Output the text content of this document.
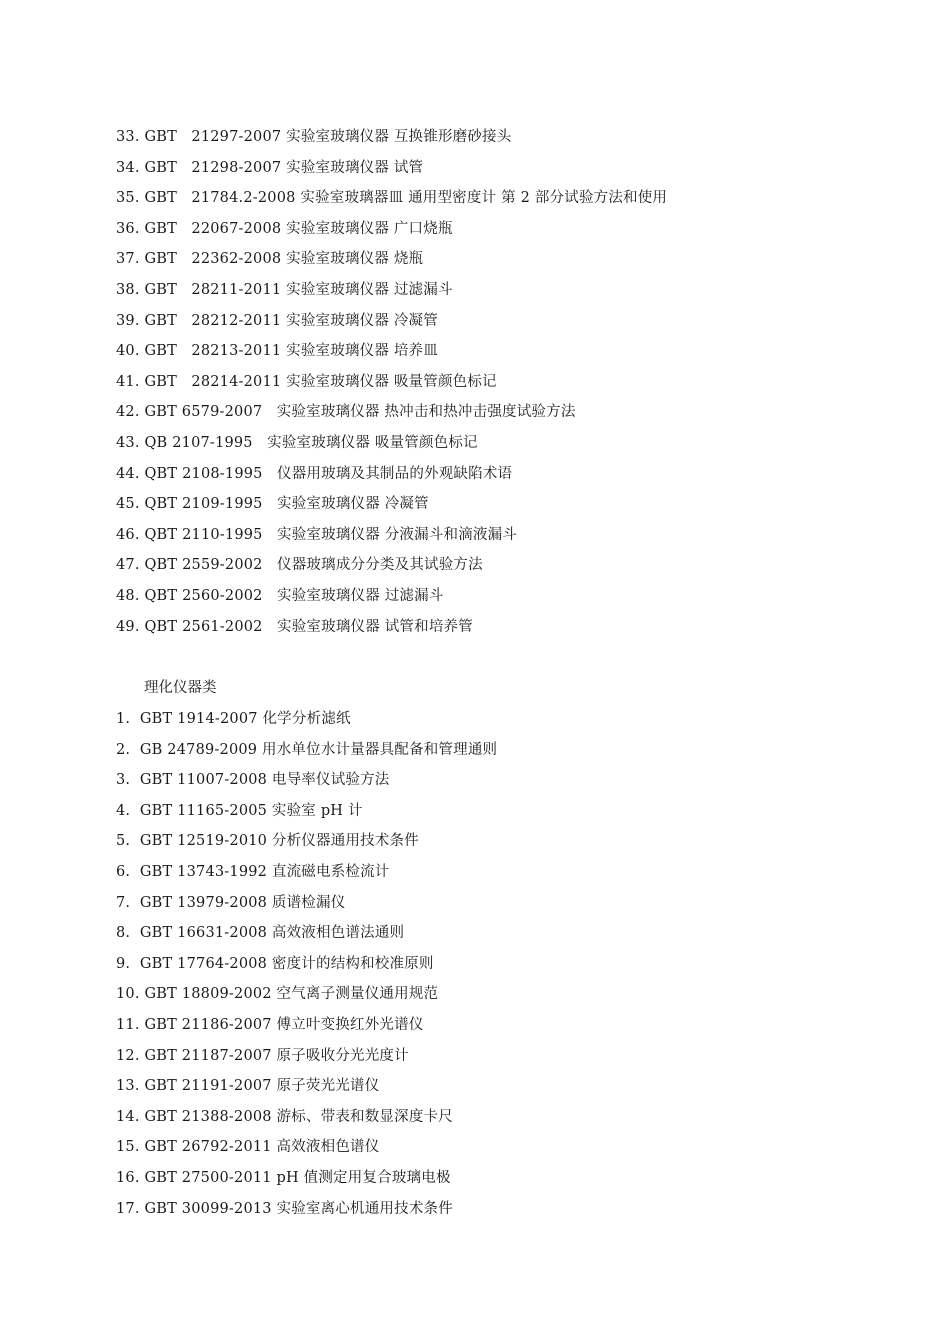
33. GBT   21297-2007 实验室玻璃仪器 互换锥形磨砂接头
34. GBT   21298-2007 实验室玻璃仪器 试管
35. GBT   21784.2-2008 实验室玻璃器皿 通用型密度计 第 2 部分试验方法和使用
36. GBT   22067-2008 实验室玻璃仪器 广口烧瓶
37. GBT   22362-2008 实验室玻璃仪器 烧瓶
38. GBT   28211-2011 实验室玻璃仪器 过滤漏斗
39. GBT   28212-2011 实验室玻璃仪器 冷凝管
40. GBT   28213-2011 实验室玻璃仪器 培养皿
41. GBT   28214-2011 实验室玻璃仪器 吸量管颜色标记
42. GBT 6579-2007   实验室玻璃仪器 热冲击和热冲击强度试验方法
43. QB 2107-1995   实验室玻璃仪器 吸量管颜色标记
44. QBT 2108-1995   仪器用玻璃及其制品的外观缺陷术语
45. QBT 2109-1995   实验室玻璃仪器 冷凝管
46. QBT 2110-1995   实验室玻璃仪器 分液漏斗和滴液漏斗
47. QBT 2559-2002   仪器玻璃成分分类及其试验方法
48. QBT 2560-2002   实验室玻璃仪器 过滤漏斗
49. QBT 2561-2002   实验室玻璃仪器 试管和培养管
理化仪器类
1.  GBT 1914-2007 化学分析滤纸
2.  GB 24789-2009 用水单位水计量器具配备和管理通则
3.  GBT 11007-2008 电导率仪试验方法
4.  GBT 11165-2005 实验室 pH 计
5.  GBT 12519-2010 分析仪器通用技术条件
6.  GBT 13743-1992 直流磁电系检流计
7.  GBT 13979-2008 质谱检漏仪
8.  GBT 16631-2008 高效液相色谱法通则
9.  GBT 17764-2008 密度计的结构和校准原则
10. GBT 18809-2002 空气离子测量仪通用规范
11. GBT 21186-2007 傅立叶变换红外光谱仪
12. GBT 21187-2007 原子吸收分光光度计
13. GBT 21191-2007 原子荧光光谱仪
14. GBT 21388-2008 游标、带表和数显深度卡尺
15. GBT 26792-2011 高效液相色谱仪
16. GBT 27500-2011 pH 值测定用复合玻璃电极
17. GBT 30099-2013 实验室离心机通用技术条件
